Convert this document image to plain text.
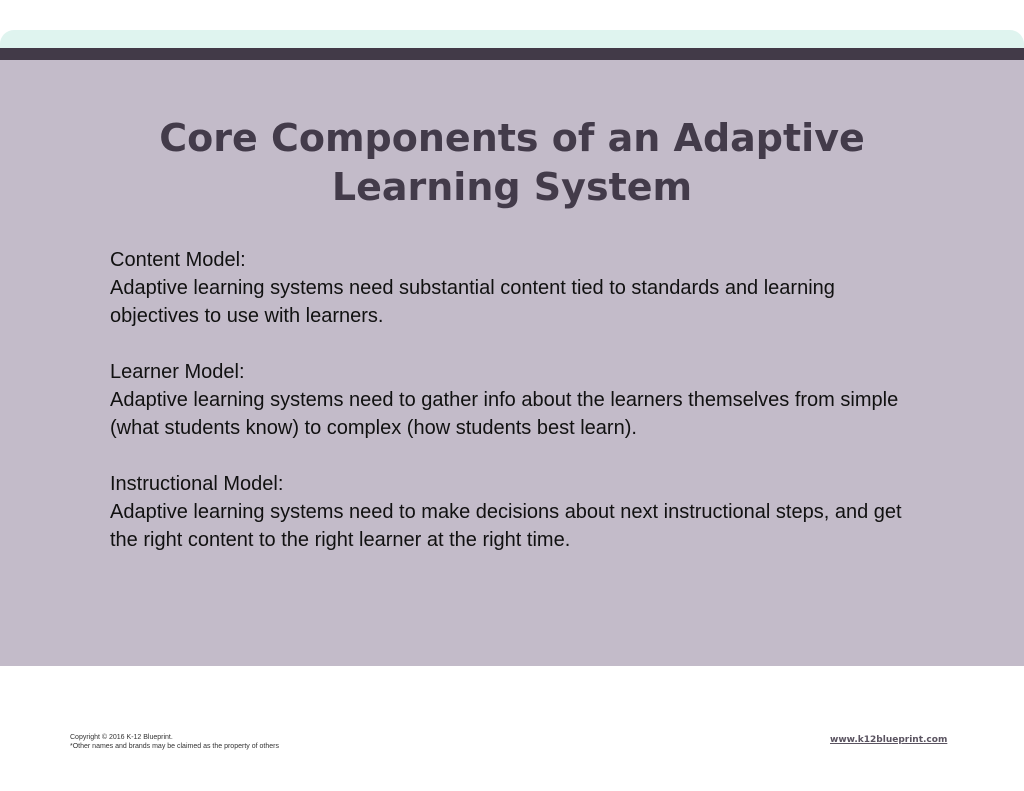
Core Components of an Adaptive Learning System

Content Model:

Adaptive learning systems need substantial content tied to standards and learning objectives to use with learners.

Learner Model:

Adaptive learning systems need to gather info about the learners themselves from simple (what students know) to complex (how students best learn).

Instructional Model:

Adaptive learning systems need to make decisions about next instructional steps, and get the right content to the right learner at the right time.

Copyright © 2016 K-12 Blueprint.

*Other names and brands may be claimed as the property of others

www.k12blueprint.com
